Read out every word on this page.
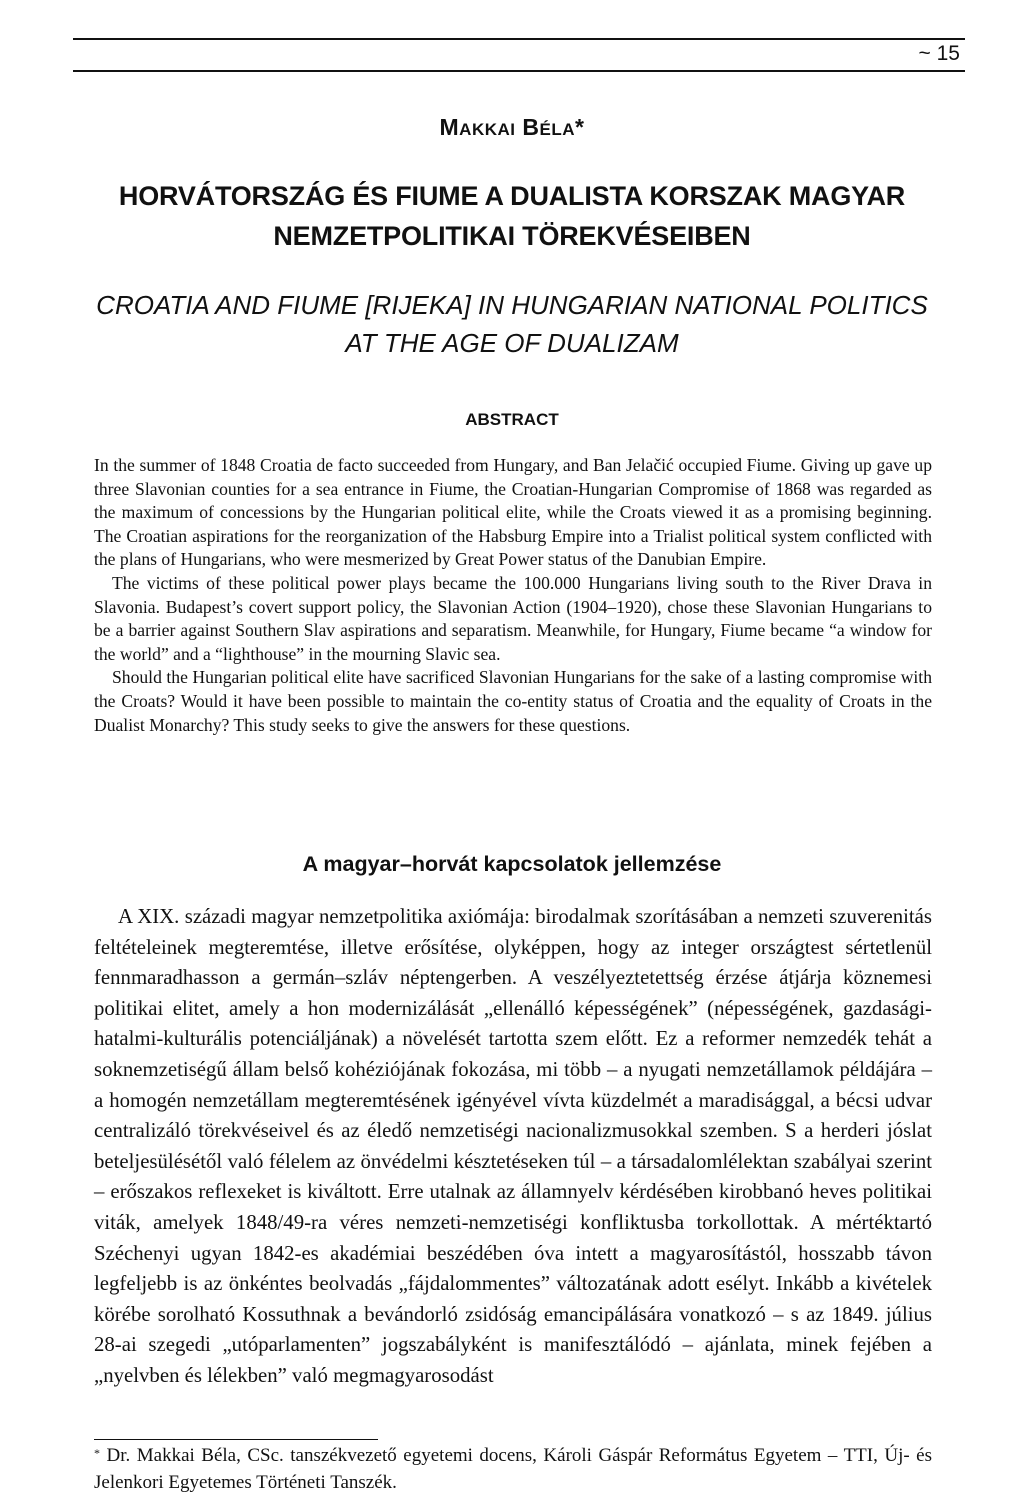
~ 15
MAKKAI BÉLA*
HORVÁTORSZÁG ÉS FIUME A DUALISTA KORSZAK MAGYAR
NEMZETPOLITIKAI TÖREKVÉSEIBEN
CROATIA AND FIUME [RIJEKA] IN HUNGARIAN NATIONAL POLITICS
AT THE AGE OF DUALIZAM
ABSTRACT

In the summer of 1848 Croatia de facto succeeded from Hungary, and Ban Jelačić occupied Fiume. Giving up gave up three Slavonian counties for a sea entrance in Fiume, the Croatian-Hungarian Compromise of 1868 was regarded as the maximum of concessions by the Hungarian political elite, while the Croats viewed it as a promising beginning. The Croatian aspirations for the reorganization of the Habsburg Empire into a Trialist political system conflicted with the plans of Hungarians, who were mesmerized by Great Power status of the Danubian Empire.

The victims of these political power plays became the 100.000 Hungarians living south to the River Drava in Slavonia. Budapest’s covert support policy, the Slavonian Action (1904–1920), chose these Slavonian Hungarians to be a barrier against Southern Slav aspirations and separatism. Meanwhile, for Hungary, Fiume became “a window for the world” and a “lighthouse” in the mourning Slavic sea.

Should the Hungarian political elite have sacrificed Slavonian Hungarians for the sake of a lasting compromise with the Croats? Would it have been possible to maintain the co-entity status of Croatia and the equality of Croats in the Dualist Monarchy? This study seeks to give the answers for these questions.

A magyar–horvát kapcsolatok jellemzése

A XIX. századi magyar nemzetpolitika axiómája: birodalmak szorításában a nemzeti szuverenitás feltételeinek megteremtése, illetve erősítése, olyképpen, hogy az integer országtest sértetlenül fennmaradhasson a germán–szláv néptengerben. A veszélyeztetettség érzése átjárja köznemesi politikai elitet, amely a hon modernizálását „ellenálló képességének” (népességének, gazdasági-hatalmi-kulturális potenciáljának) a növelését tartotta szem előtt. Ez a reformer nemzedék tehát a soknemzetiségű állam belső kohéziójának fokozása, mi több – a nyugati nemzetállamok példájára – a homogén nemzetállam megteremtésének igényével vívta küzdelmét a maradisággal, a bécsi udvar centralizáló törekvéseivel és az éledő nemzetiségi nacionalizmusokkal szemben. S a herderi jóslat beteljesülésétől való félelem az önvédelmi késztetéseken túl – a társadalomlélektan szabályai szerint – erőszakos reflexeket is kiváltott. Erre utalnak az államnyelv kérdésében kirobbanó heves politikai viták, amelyek 1848/49-ra véres nemzeti-nemzetiségi konfliktusba torkollottak. A mértéktartó Széchenyi ugyan 1842-es akadémiai beszédében óva intett a magyarosítástól, hosszabb távon legfeljebb is az önkéntes beolvadás „fájdalommentes” változatának adott esélyt. Inkább a kivételek körébe sorolható Kossuthnak a bevándorló zsidóság emancipálására vonatkozó – s az 1849. július 28-ai szegedi „utóparlamenten” jogszabályként is manifesztálódó – ajánlata, minek fejében a „nyelvben és lélekben” való megmagyarosodást

* Dr. Makkai Béla, CSc. tanszékvezető egyetemi docens, Károli Gáspár Református Egyetem – TTI, Új- és Jelenkori Egyetemes Történeti Tanszék.
